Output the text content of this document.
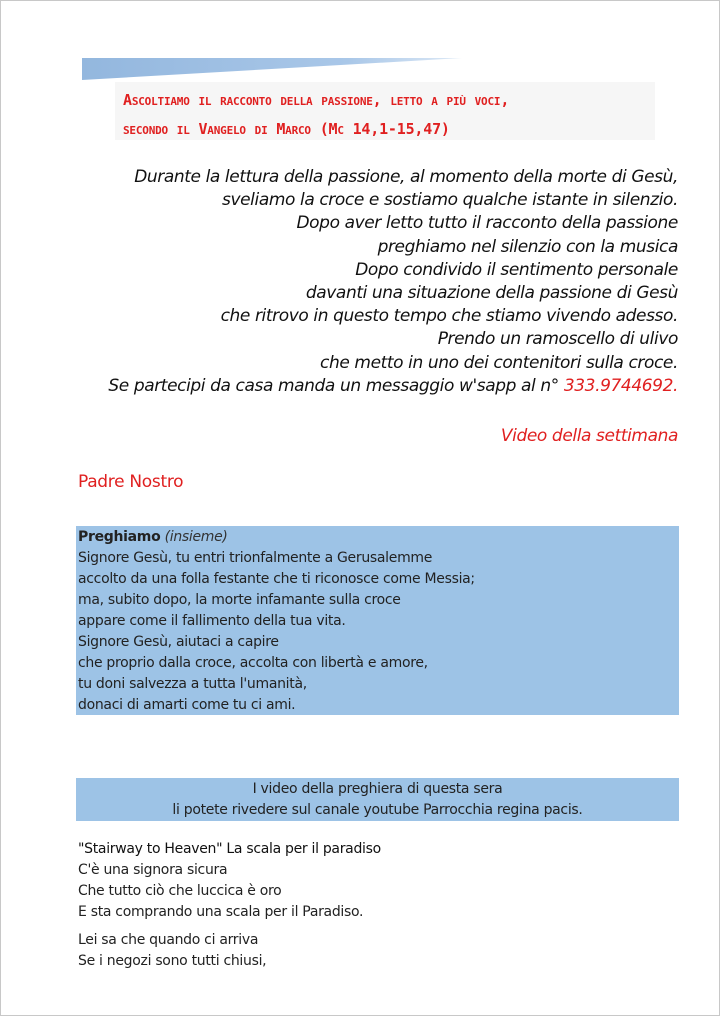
Ascoltiamo il racconto della passione, letto a più voci,
secondo il Vangelo di Marco (Mc 14,1-15,47)
Durante la lettura della passione, al momento della morte di Gesù,
sveliamo la croce e sostiamo qualche istante in silenzio.
Dopo aver letto tutto il racconto della passione
preghiamo nel silenzio con la musica
Dopo condivido il sentimento personale
davanti una situazione della passione di Gesù
che ritrovo in questo tempo che stiamo vivendo adesso.
Prendo un ramoscello di ulivo
che metto in uno dei contenitori sulla croce.
Se partecipi da casa manda un messaggio w'sapp al n° 333.9744692.
Video della settimana
Padre Nostro
Preghiamo (insieme)
Signore Gesù, tu entri trionfalmente a Gerusalemme
accolto da una folla festante che ti riconosce come Messia;
ma, subito dopo, la morte infamante sulla croce
appare come il fallimento della tua vita.
Signore Gesù, aiutaci a capire
che proprio dalla croce, accolta con libertà e amore,
tu doni salvezza a tutta l'umanità,
donaci di amarti come tu ci ami.
I video della preghiera di questa sera
li potete rivedere sul canale youtube Parrocchia regina pacis.
"Stairway to Heaven" La scala per il paradiso
C'è una signora sicura
Che tutto ciò che luccica è oro
E sta comprando una scala per il Paradiso.
Lei sa che quando ci arriva
Se i negozi sono tutti chiusi,
